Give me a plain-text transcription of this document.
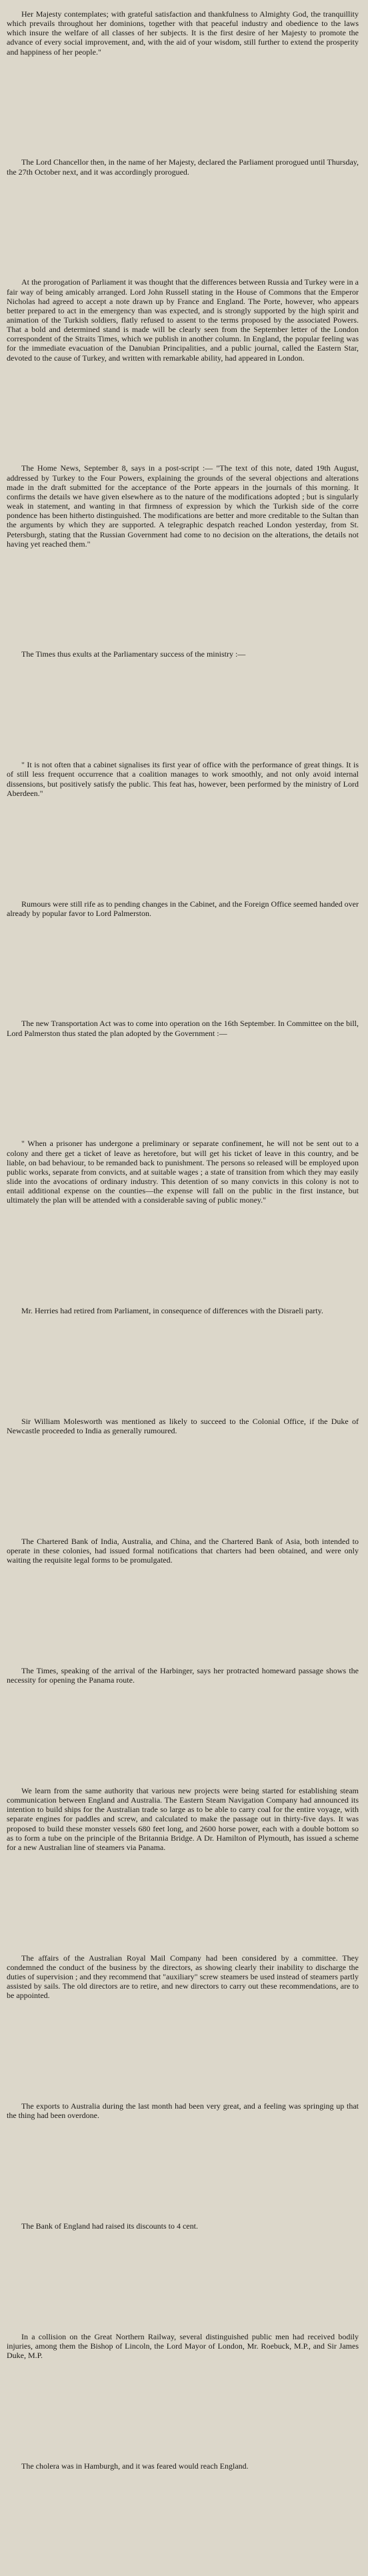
Her Majesty contemplates; with grateful satisfaction and thankfulness to Almighty God, the tranquillity which prevails throughout her dominions, together with that peaceful industry and obedience to the laws which insure the welfare of all classes of her subjects. It is the first desire of her Majesty to promote the advance of every social improvement, and, with the aid of your wisdom, still further to extend the prosperity and happiness of her people."

The Lord Chancellor then, in the name of her Majesty, declared the Parliament prorogued until Thursday, the 27th October next, and it was accordingly prorogued.

At the prorogation of Parliament it was thought that the differences between Russia and Turkey were in a fair way of being amicably arranged. Lord John Russell stating in the House of Commons that the Emperor Nicholas had agreed to accept a note drawn up by France and England. The Porte, however, who appears better prepared to act in the emergency than was expected, and is strongly supported by the high spirit and animation of the Turkish soldiers, flatly refused to assent to the terms proposed by the associated Powers. That a bold and determined stand is made will be clearly seen from the September letter of the London correspondent of the Straits Times, which we publish in another column. In England, the popular feeling was for the immediate evacuation of the Danubian Principalities, and a public journal, called the Eastern Star, devoted to the cause of Turkey, and written with remarkable ability, had appeared in London.

The Home News, September 8, says in a post-script :— "The text of this note, dated 19th August, addressed by Turkey to the Four Powers, explaining the grounds of the several objections and alterations made in the draft submitted for the acceptance of the Porte appears in the journals of this morning. It confirms the details we have given elsewhere as to the nature of the modifications adopted ; but is singularly weak in statement, and wanting in that firmness of expression by which the Turkish side of the corre pondence has been hitherto distinguished. The modifications are better and more creditable to the Sultan than the arguments by which they are supported. A telegraphic despatch reached London yesterday, from St. Petersburgh, stating that the Russian Government had come to no decision on the alterations, the details not having yet reached them."

The Times thus exults at the Parliamentary success of the ministry :—

" It is not often that a cabinet signalises its first year of office with the performance of great things. It is of still less frequent occurrence that a coalition manages to work smoothly, and not only avoid internal dissensions, but positively satisfy the public. This feat has, however, been performed by the ministry of Lord Aberdeen."

Rumours were still rife as to pending changes in the Cabinet, and the Foreign Office seemed handed over already by popular favor to Lord Palmerston.

The new Transportation Act was to come into operation on the 16th September. In Committee on the bill, Lord Palmerston thus stated the plan adopted by the Government :—

" When a prisoner has undergone a preliminary or separate confinement, he will not be sent out to a colony and there get a ticket of leave as heretofore, but will get his ticket of leave in this country, and be liable, on bad behaviour, to be remanded back to punishment. The persons so released will be employed upon public works, separate from convicts, and at suitable wages ; a state of transition from which they may easily slide into the avocations of ordinary industry. This detention of so many convicts in this colony is not to entail additional expense on the counties—the expense will fall on the public in the first instance, but ultimately the plan will be attended with a considerable saving of public money."

Mr. Herries had retired from Parliament, in consequence of differences with the Disraeli party.

Sir William Molesworth was mentioned as likely to succeed to the Colonial Office, if the Duke of Newcastle proceeded to India as generally rumoured.

The Chartered Bank of India, Australia, and China, and the Chartered Bank of Asia, both intended to operate in these colonies, had issued formal notifications that charters had been obtained, and were only waiting the requisite legal forms to be promulgated.

The Times, speaking of the arrival of the Harbinger, says her protracted homeward passage shows the necessity for opening the Panama route.

We learn from the same authority that various new projects were being started for establishing steam communication between England and Australia. The Eastern Steam Navigation Company had announced its intention to build ships for the Australian trade so large as to be able to carry coal for the entire voyage, with separate engines for paddles and screw, and calculated to make the passage out in thirty-five days. It was proposed to build these monster vessels 680 feet long, and 2600 horse power, each with a double bottom so as to form a tube on the principle of the Britannia Bridge. A Dr. Hamilton of Plymouth, has issued a scheme for a new Australian line of steamers via Panama.

The affairs of the Australian Royal Mail Company had been considered by a committee. They condemned the conduct of the business by the directors, as showing clearly their inability to discharge the duties of supervision ; and they recommend that "auxiliary" screw steamers be used instead of steamers partly assisted by sails. The old directors are to retire, and new directors to carry out these recommendations, are to be appointed.

The exports to Australia during the last month had been very great, and a feeling was springing up that the thing had been overdone.

The Bank of England had raised its discounts to 4 cent.

In a collision on the Great Northern Railway, several distinguished public men had received bodily injuries, among them the Bishop of Lincoln, the Lord Mayor of London, Mr. Roebuck, M.P., and Sir James Duke, M.P.

The cholera was in Hamburgh, and it was feared would reach England.
